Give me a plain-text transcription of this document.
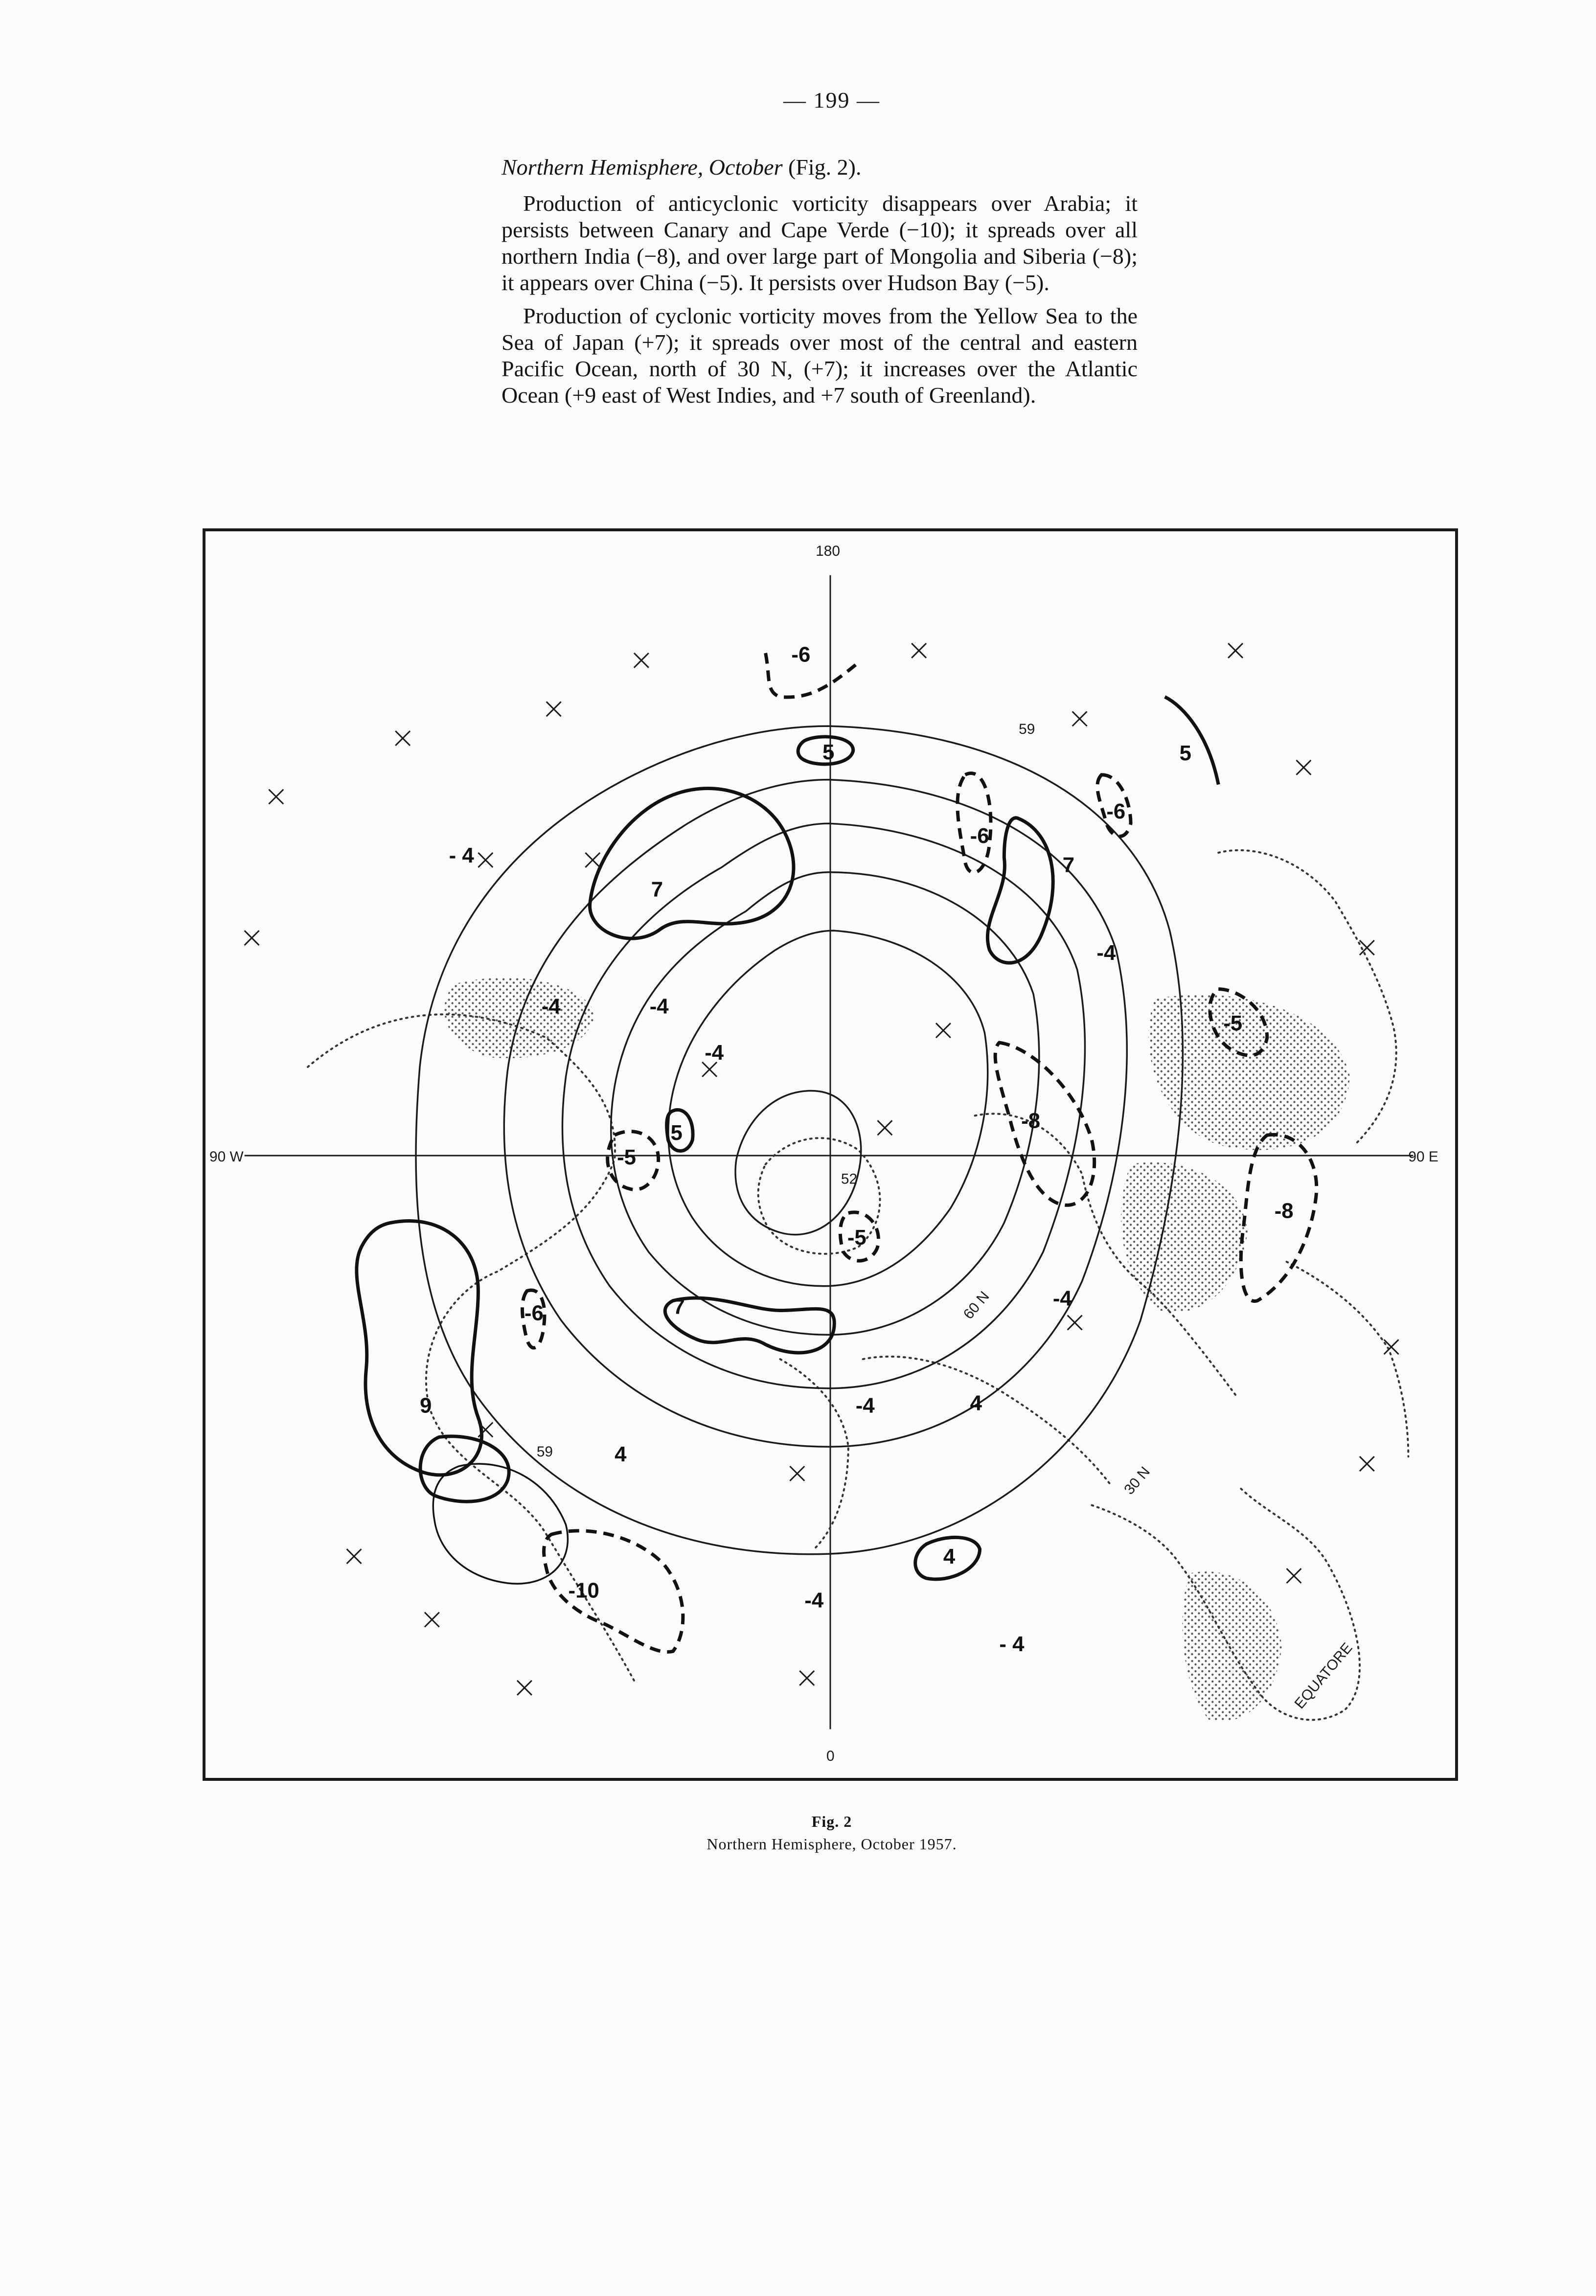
— 199 —

Northern Hemisphere, October (Fig. 2).

Production of anticyclonic vorticity disappears over Arabia; it persists between Canary and Cape Verde (−10); it spreads over all northern India (−8), and over large part of Mongolia and Siberia (−8); it appears over China (−5). It persists over Hudson Bay (−5).

Production of cyclonic vorticity moves from the Yellow Sea to the Sea of Japan (+7); it spreads over most of the central and eastern Pacific Ocean, north of 30 N, (+7); it increases over the Atlantic Ocean (+9 east of West Indies, and +7 south of Greenland).

180
0
90 W	90 E
52
59
59
60 N
30 N
EQUATORE
-6
5	5
-6
-6
7
- 4
7
-4
-4	-4
-4
-5
5
-8
-8
-5
-5
7
-6
-4
-4	4
9
4
4
-10	-4
- 4
Fig. 2
Northern Hemisphere, October 1957.
